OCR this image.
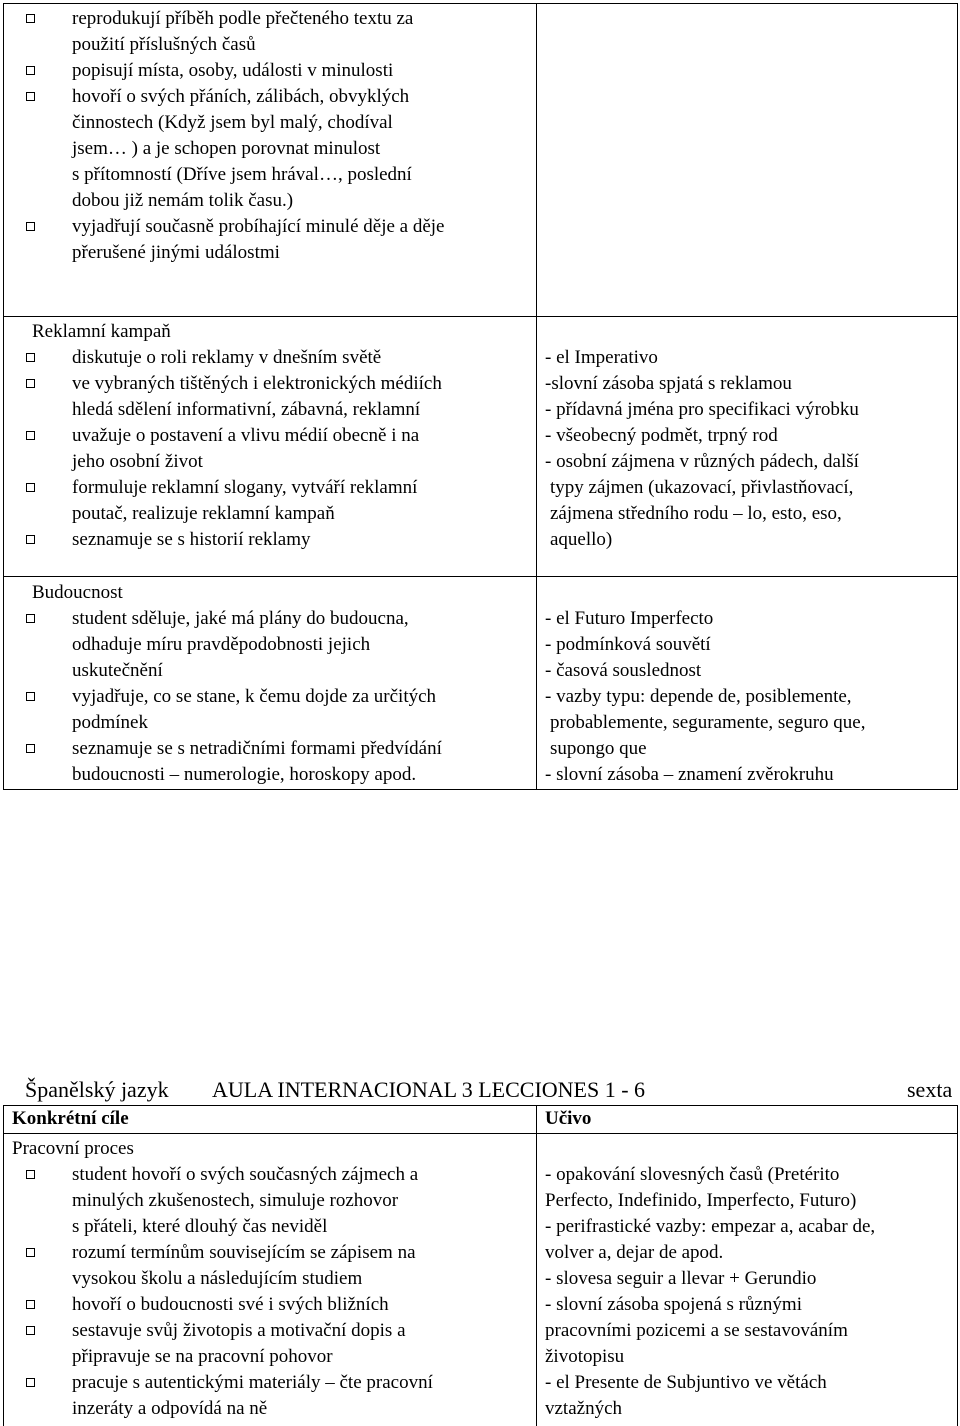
reprodukují příběh podle přečteného textu za
použití příslušných časů
popisují místa, osoby, události v minulosti
hovoří o svých přáních, zálibách, obvyklých
činnostech (Když jsem byl malý, chodíval
jsem… ) a je schopen porovnat minulost
s přítomností (Dříve jsem hrával…, poslední
dobou již nemám tolik času.)
vyjadřují současně probíhající minulé děje a děje
přerušené jinými událostmi
Reklamní kampaň
diskutuje o roli reklamy v dnešním světě
ve vybraných tištěných i elektronických médiích
hledá sdělení informativní, zábavná, reklamní
uvažuje o postavení a vlivu médií obecně i na
jeho osobní život
formuluje reklamní slogany, vytváří reklamní
poutač, realizuje reklamní kampaň
seznamuje se s historií reklamy
- el Imperativo
-slovní zásoba spjatá s reklamou
- přídavná jména pro specifikaci výrobku
- všeobecný podmět, trpný rod
- osobní zájmena v různých pádech, další
typy zájmen (ukazovací, přivlastňovací,
zájmena středního rodu – lo, esto, eso,
aquello)
Budoucnost
student sděluje, jaké má plány do budoucna,
odhaduje míru pravděpodobnosti jejich
uskutečnění
vyjadřuje, co se stane, k čemu dojde za určitých
podmínek
seznamuje se s netradičními formami předvídání
budoucnosti – numerologie, horoskopy apod.
- el Futuro Imperfecto
- podmínková souvětí
- časová souslednost
- vazby typu: depende de, posiblemente,
probablemente, seguramente, seguro que,
supongo que
- slovní zásoba – znamení zvěrokruhu
Španělský jazyk AULA INTERNACIONAL 3 LECCIONES 1 - 6	sexta
Konkrétní cíle	Učivo
Pracovní proces
student hovoří o svých současných zájmech a
minulých zkušenostech, simuluje rozhovor
s přáteli, které dlouhý čas neviděl
rozumí termínům souvisejícím se zápisem na
vysokou školu a následujícím studiem
hovoří o budoucnosti své i svých bližních
sestavuje svůj životopis a motivační dopis a
připravuje se na pracovní pohovor
pracuje s autentickými materiály – čte pracovní
inzeráty a odpovídá na ně
- opakování slovesných časů (Pretérito
Perfecto, Indefinido, Imperfecto, Futuro)
- perifrastické vazby: empezar a, acabar de,
volver a, dejar de apod.
- slovesa seguir a llevar + Gerundio
- slovní zásoba spojená s různými
pracovními pozicemi a se sestavováním
životopisu
- el Presente de Subjuntivo ve větách
vztažných
